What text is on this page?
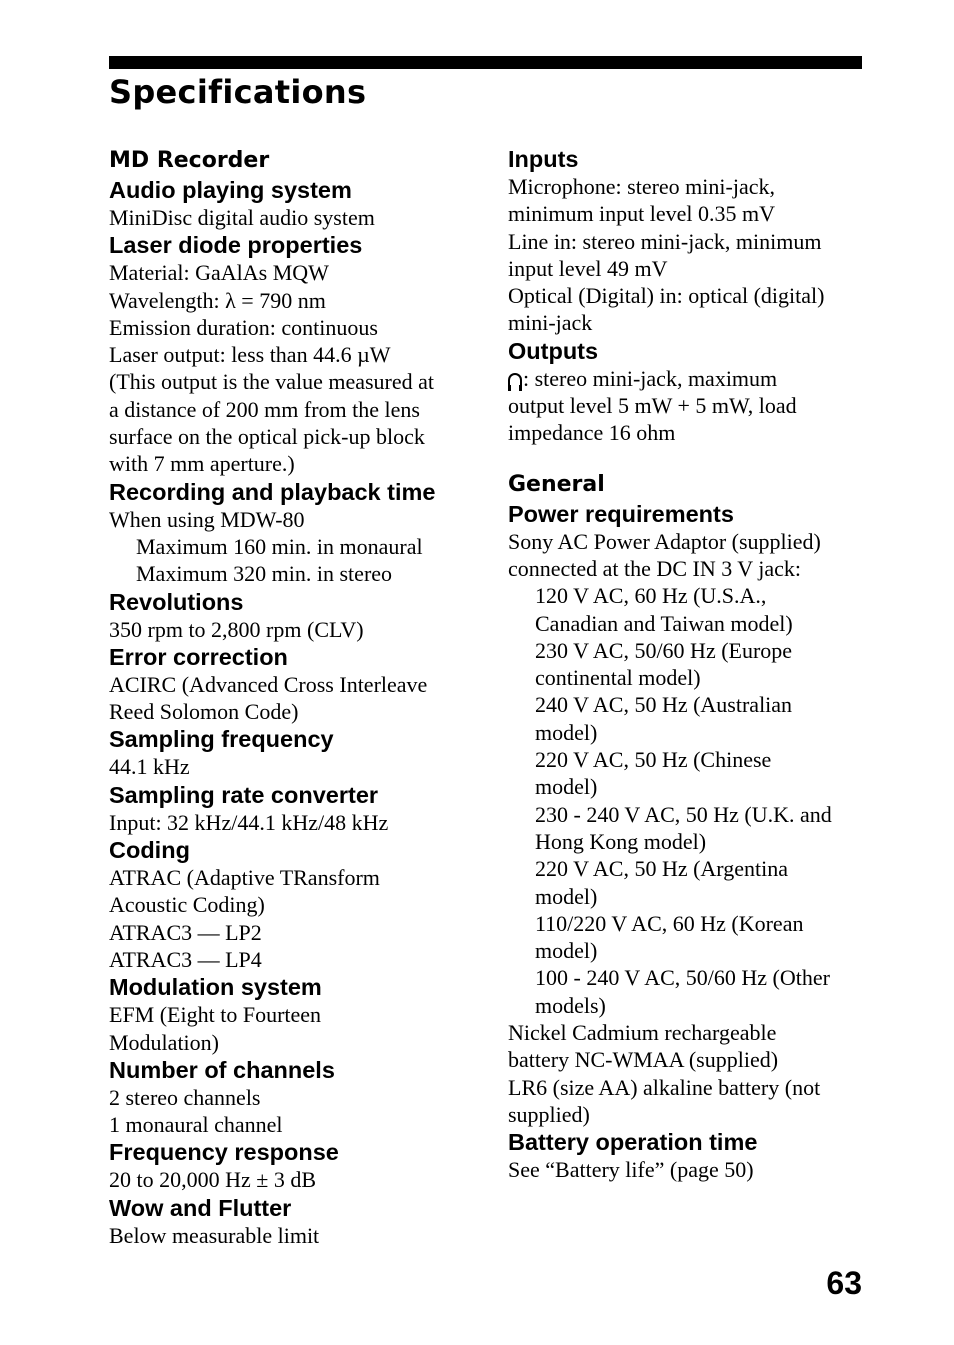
Specifications
MD Recorder
Audio playing system
MiniDisc digital audio system
Laser diode properties
Material: GaAlAs MQW
Wavelength: λ = 790 nm
Emission duration: continuous
Laser output: less than 44.6 µW
(This output is the value measured at
a distance of 200 mm from the lens
surface on the optical pick-up block
with 7 mm aperture.)
Recording and playback time
When using MDW-80
Maximum 160 min. in monaural
Maximum 320 min. in stereo
Revolutions
350 rpm to 2,800 rpm (CLV)
Error correction
ACIRC (Advanced Cross Interleave
Reed Solomon Code)
Sampling frequency
44.1 kHz
Sampling rate converter
Input: 32 kHz/44.1 kHz/48 kHz
Coding
ATRAC (Adaptive TRansform
Acoustic Coding)
ATRAC3 — LP2
ATRAC3 — LP4
Modulation system
EFM (Eight to Fourteen
Modulation)
Number of channels
2 stereo channels
1 monaural channel
Frequency response
20 to 20,000 Hz ± 3 dB
Wow and Flutter
Below measurable limit
Inputs
Microphone: stereo mini-jack,
minimum input level 0.35 mV
Line in: stereo mini-jack, minimum
input level 49 mV
Optical (Digital) in: optical (digital)
mini-jack
Outputs
: stereo mini-jack, maximum
output level 5 mW + 5 mW, load
impedance 16 ohm
General
Power requirements
Sony AC Power Adaptor (supplied)
connected at the DC IN 3 V jack:
120 V AC, 60 Hz (U.S.A.,
Canadian and Taiwan model)
230 V AC, 50/60 Hz (Europe
continental model)
240 V AC, 50 Hz (Australian
model)
220 V AC, 50 Hz (Chinese
model)
230 - 240 V AC, 50 Hz (U.K. and
Hong Kong model)
220 V AC, 50 Hz (Argentina
model)
110/220 V AC, 60 Hz (Korean
model)
100 - 240 V AC, 50/60 Hz (Other
models)
Nickel Cadmium rechargeable
battery NC-WMAA (supplied)
LR6 (size AA) alkaline battery (not
supplied)
Battery operation time
See “Battery life” (page 50)
63
